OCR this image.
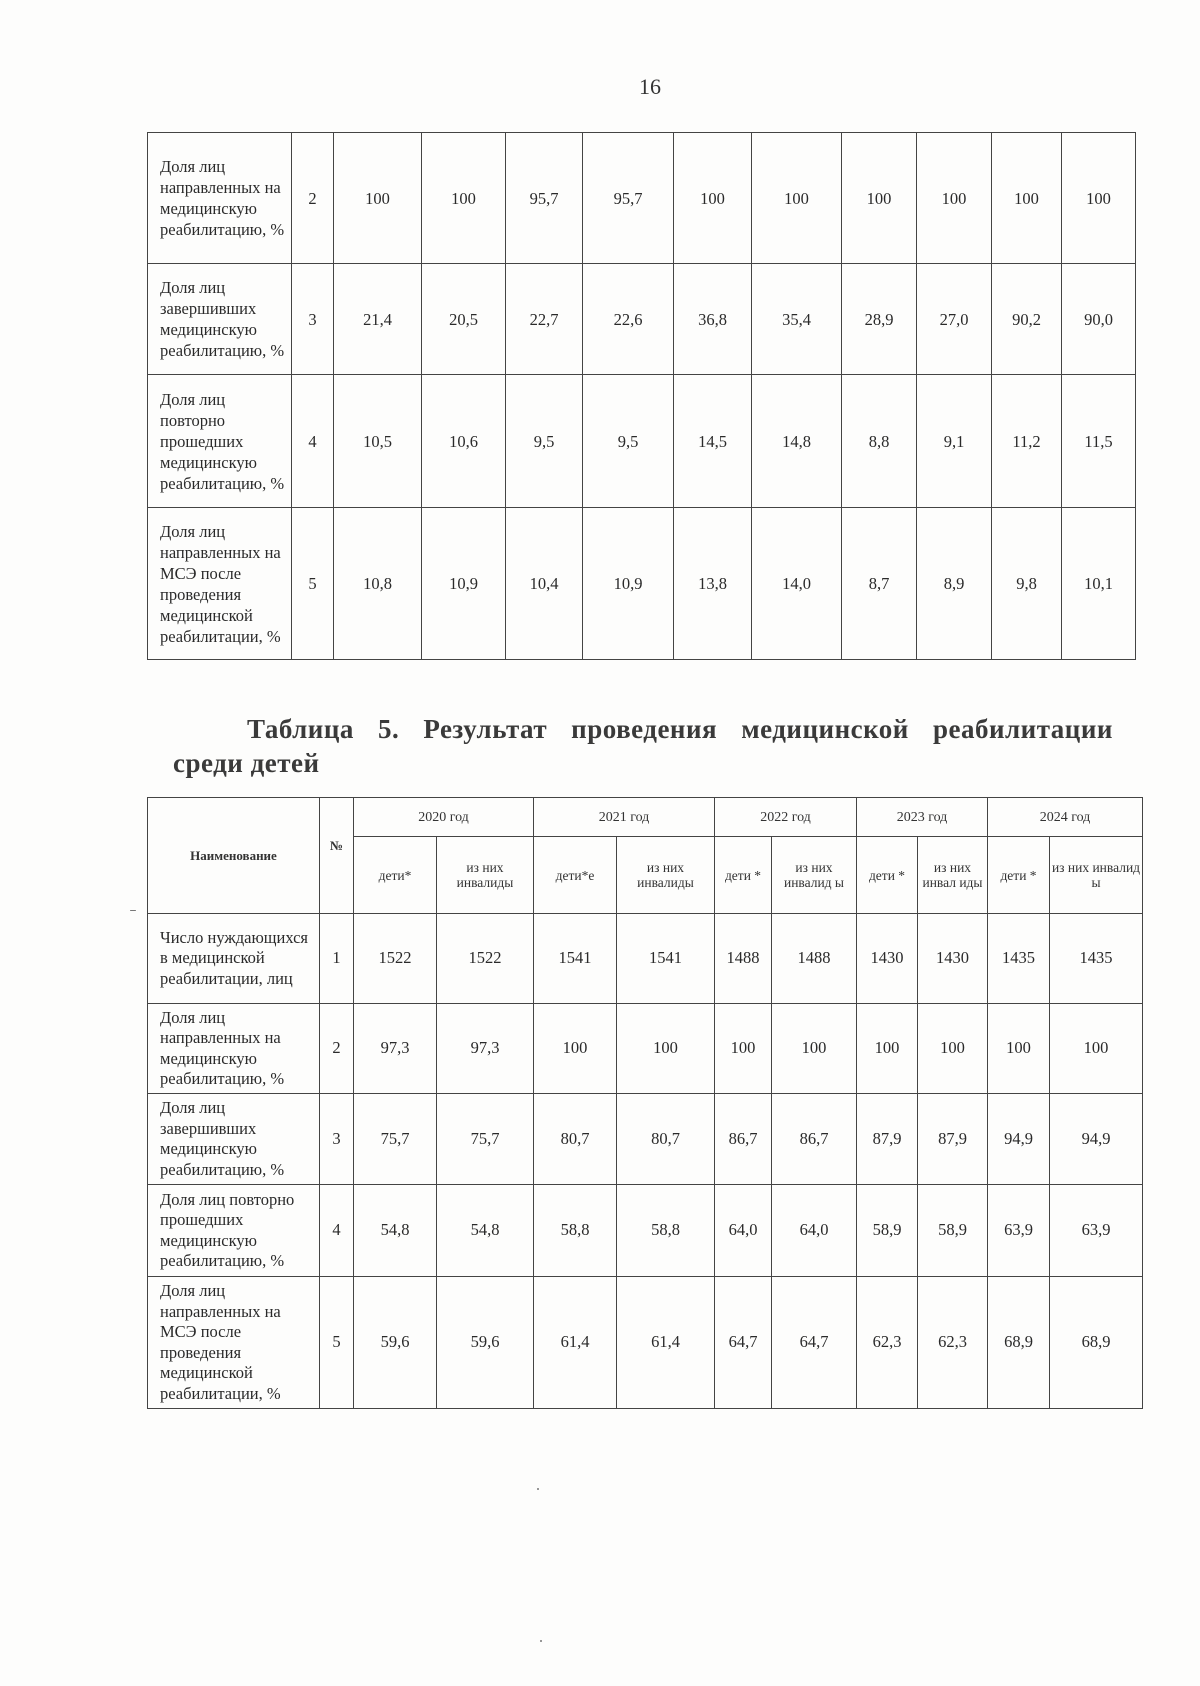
16
Доля лиц направленных на медицинскую реабилитацию, %	2	100	100	95,7	95,7	100	100	100	100	100	100
Доля лиц завершивших медицинскую реабилитацию, %	3	21,4	20,5	22,7	22,6	36,8	35,4	28,9	27,0	90,2	90,0
Доля лиц повторно прошедших медицинскую реабилитацию, %	4	10,5	10,6	9,5	9,5	14,5	14,8	8,8	9,1	11,2	11,5
Доля лиц направленных на МСЭ после проведения медицинской реабилитации, %	5	10,8	10,9	10,4	10,9	13,8	14,0	8,7	8,9	9,8	10,1
Таблица 5. Результат проведения медицинской реабилитации
среди детей
Наименование	№	2020 год		2021 год		2022 год		2023 год		2024 год	
		дети*	из них инвалиды	дети*е	из них инвалиды	дети *	из них инвалид ы	дети *	из них инвал иды	дети *	из них инвалид ы
Число нуждающихся в медицинской реабилитации, лиц	1	1522	1522	1541	1541	1488	1488	1430	1430	1435	1435
Доля лиц направленных на медицинскую реабилитацию, %	2	97,3	97,3	100	100	100	100	100	100	100	100
Доля лиц завершивших медицинскую реабилитацию, %	3	75,7	75,7	80,7	80,7	86,7	86,7	87,9	87,9	94,9	94,9
Доля лиц повторно прошедших медицинскую реабилитацию, %	4	54,8	54,8	58,8	58,8	64,0	64,0	58,9	58,9	63,9	63,9
Доля лиц направленных на МСЭ после проведения медицинской реабилитации, %	5	59,6	59,6	61,4	61,4	64,7	64,7	62,3	62,3	68,9	68,9
